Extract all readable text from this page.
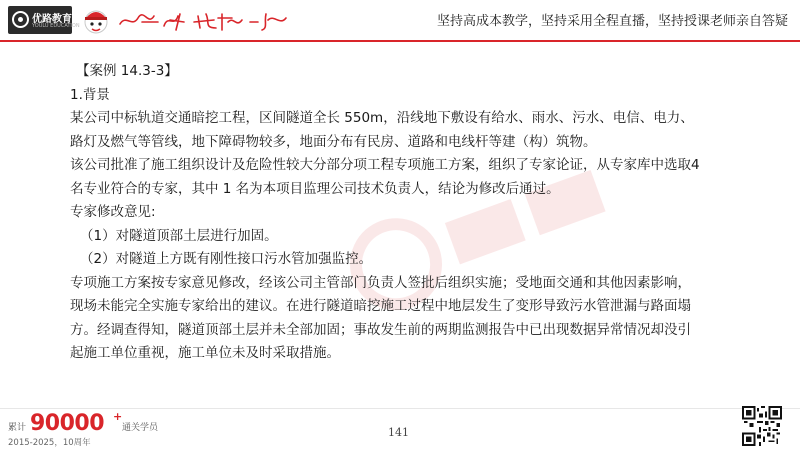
优路教育
YOULU EDUCATION	坚持高成本教学，坚持采用全程直播，坚持授课老师亲自答疑

【案例 14.3-3】

1.背景

某公司中标轨道交通暗挖工程，区间隧道全长 550m，沿线地下敷设有给水、雨水、污水、电信、电力、路灯及燃气等管线，地下障碍物较多，地面分布有民房、道路和电线杆等建（构）筑物。

该公司批准了施工组织设计及危险性较大分部分项工程专项施工方案，组织了专家论证，从专家库中选取4 名专业符合的专家，其中 1 名为本项目监理公司技术负责人，结论为修改后通过。

专家修改意见:

（1）对隧道顶部土层进行加固。

（2）对隧道上方既有刚性接口污水管加强监控。

专项施工方案按专家意见修改，经该公司主管部门负责人签批后组织实施；受地面交通和其他因素影响，现场未能完全实施专家给出的建议。在进行隧道暗挖施工过程中地层发生了变形导致污水管泄漏与路面塌方。经调查得知，隧道顶部土层并未全部加固；事故发生前的两期监测报告中已出现数据异常情况却没引起施工单位重视，施工单位未及时采取措施。

累计 90000 +
通关学员
2015-2025，10周年
141
